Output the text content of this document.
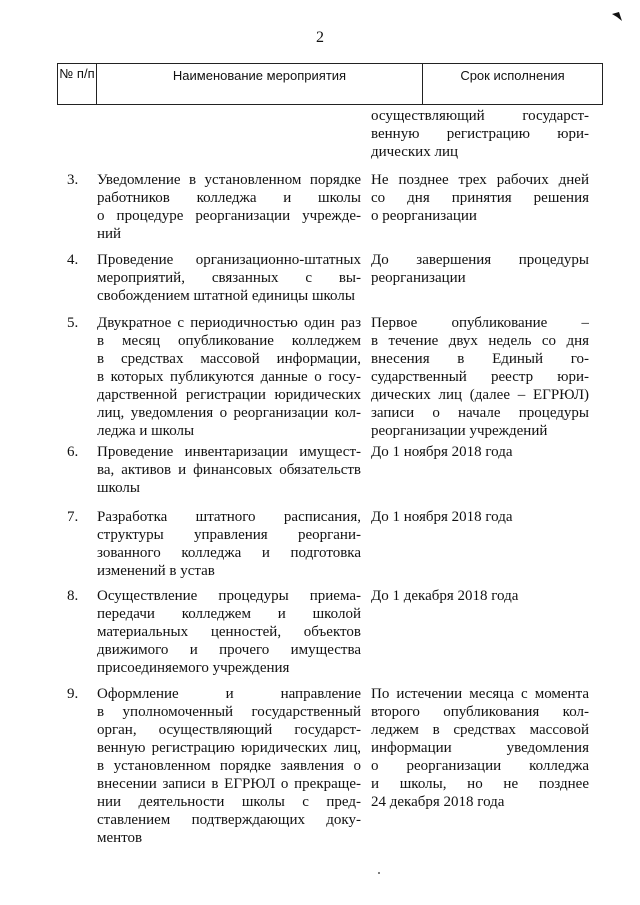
2
№ п/п	Наименование мероприятия	Срок исполнения
осуществляющий государст-
венную регистрацию юри-
дических лиц
3. Уведомление в установленном порядке
работников колледжа и школы
о процедуре реорганизации учрежде-
ний
Не позднее трех рабочих дней
со дня принятия решения
о реорганизации
4. Проведение организационно-штатных
мероприятий, связанных с вы-
свобождением штатной единицы школы
До завершения процедуры
реорганизации
5. Двукратное с периодичностью один раз
в месяц опубликование колледжем
в средствах массовой информации,
в которых публикуются данные о госу-
дарственной регистрации юридических
лиц, уведомления о реорганизации кол-
леджа и школы
Первое опубликование –
в течение двух недель со дня
внесения в Единый го-
сударственный реестр юри-
дических лиц (далее – ЕГРЮЛ)
записи о начале процедуры
реорганизации учреждений
6. Проведение инвентаризации имущест-
ва, активов и финансовых обязательств
школы
До 1 ноября 2018 года
7. Разработка штатного расписания,
структуры управления реоргани-
зованного колледжа и подготовка
изменений в устав
До 1 ноября 2018 года
8. Осуществление процедуры приема-
передачи колледжем и школой
материальных ценностей, объектов
движимого и прочего имущества
присоединяемого учреждения
До 1 декабря 2018 года
9. Оформление и направление
в уполномоченный государственный
орган, осуществляющий государст-
венную регистрацию юридических лиц,
в установленном порядке заявления о
внесении записи в ЕГРЮЛ о прекраще-
нии деятельности школы с пред-
ставлением подтверждающих доку-
ментов
По истечении месяца с момента
второго опубликования кол-
леджем в средствах массовой
информации уведомления
о реорганизации колледжа
и школы, но не позднее
24 декабря 2018 года
